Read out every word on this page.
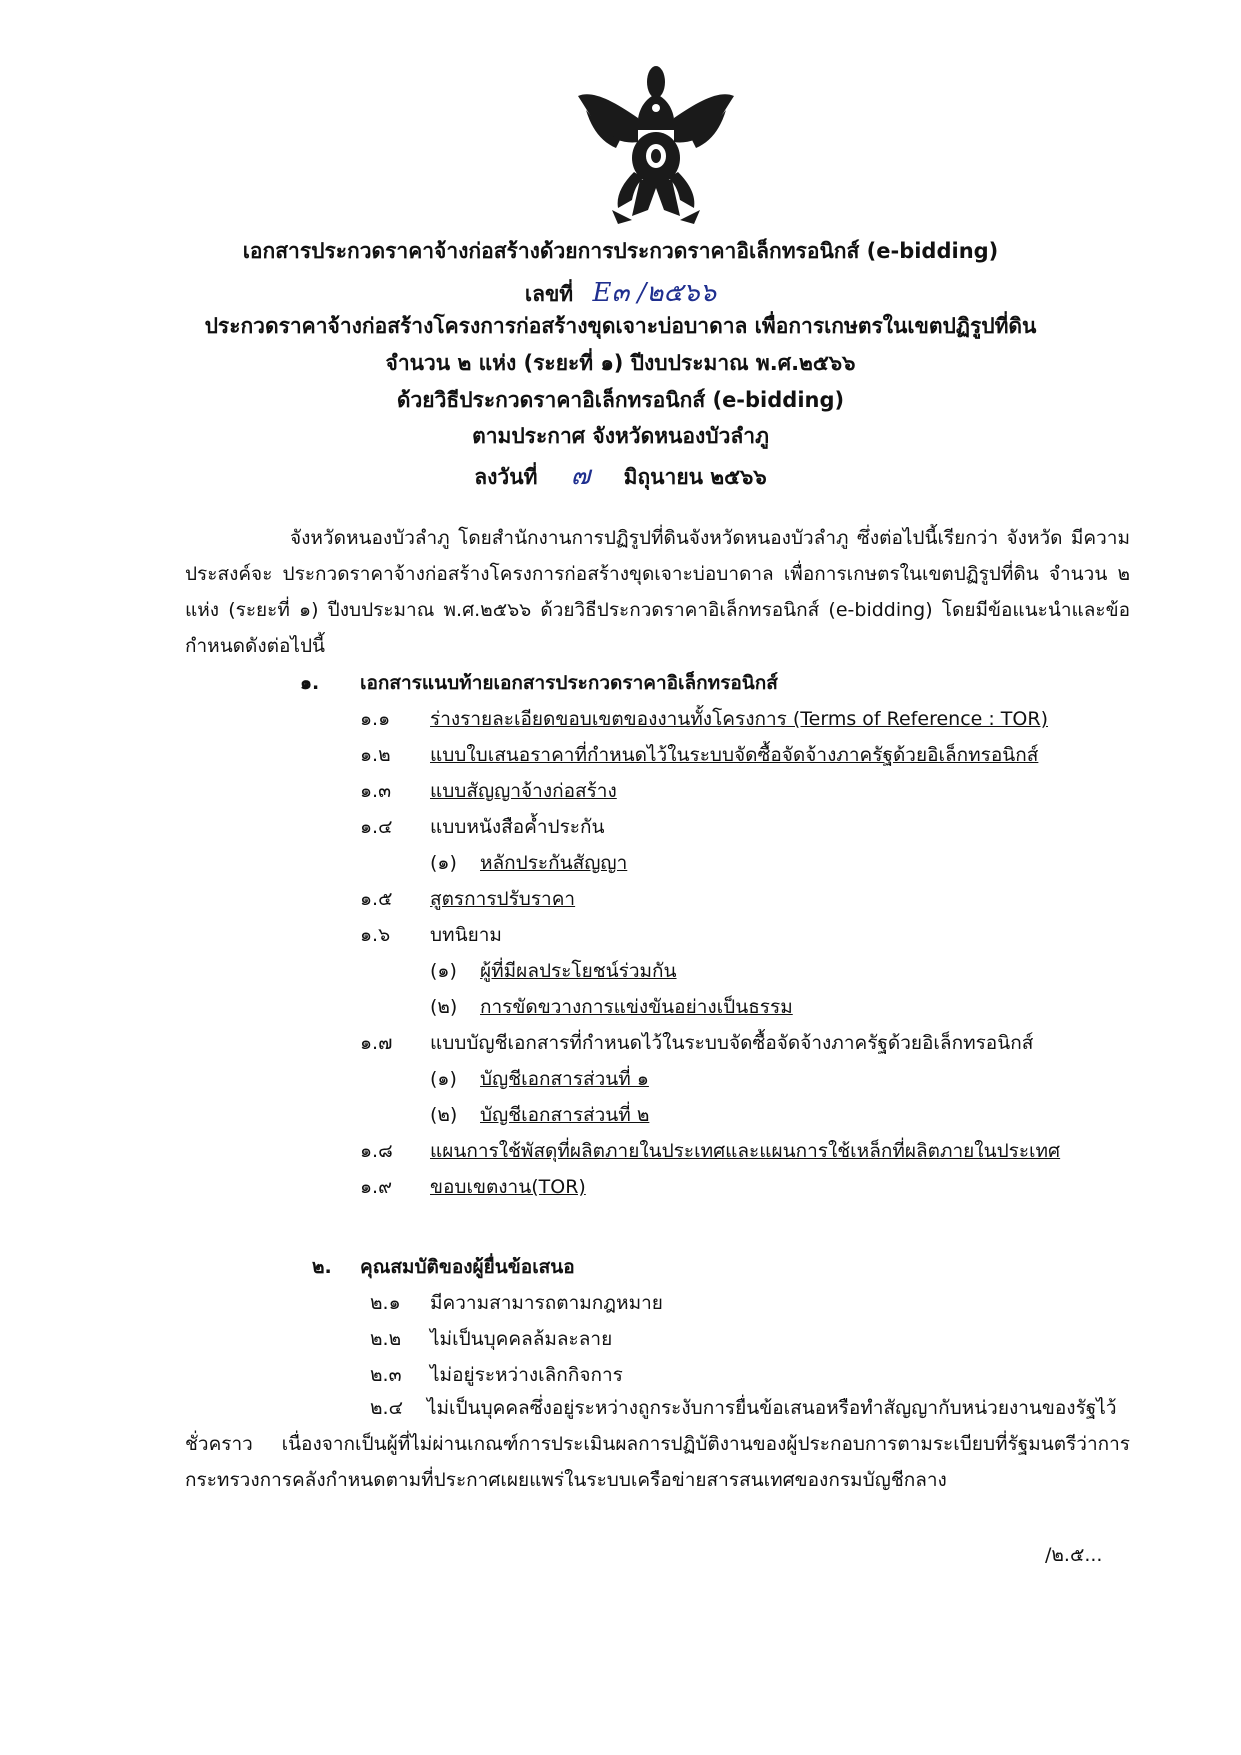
เอกสารประกวดราคาจ้างก่อสร้างด้วยการประกวดราคาอิเล็กทรอนิกส์ (e-bidding)
เลขที่ E๓ /๒๕๖๖
ประกวดราคาจ้างก่อสร้างโครงการก่อสร้างขุดเจาะบ่อบาดาล เพื่อการเกษตรในเขตปฏิรูปที่ดิน
จำนวน ๒ แห่ง (ระยะที่ ๑) ปีงบประมาณ พ.ศ.๒๕๖๖
ด้วยวิธีประกวดราคาอิเล็กทรอนิกส์ (e-bidding)
ตามประกาศ จังหวัดหนองบัวลำภู
ลงวันที่ ๗ มิถุนายน ๒๕๖๖
จังหวัดหนองบัวลำภู โดยสำนักงานการปฏิรูปที่ดินจังหวัดหนองบัวลำภู ซึ่งต่อไปนี้เรียกว่า จังหวัด มีความประสงค์จะ ประกวดราคาจ้างก่อสร้างโครงการก่อสร้างขุดเจาะบ่อบาดาล เพื่อการเกษตรในเขตปฏิรูปที่ดิน จำนวน ๒ แห่ง (ระยะที่ ๑) ปีงบประมาณ พ.ศ.๒๕๖๖ ด้วยวิธีประกวดราคาอิเล็กทรอนิกส์ (e-bidding) โดยมีข้อแนะนำและข้อกำหนดดังต่อไปนี้
๑. เอกสารแนบท้ายเอกสารประกวดราคาอิเล็กทรอนิกส์
๑.๑ ร่างรายละเอียดขอบเขตของงานทั้งโครงการ (Terms of Reference : TOR)
๑.๒ แบบใบเสนอราคาที่กำหนดไว้ในระบบจัดซื้อจัดจ้างภาครัฐด้วยอิเล็กทรอนิกส์
๑.๓ แบบสัญญาจ้างก่อสร้าง
๑.๔ แบบหนังสือค้ำประกัน
(๑) หลักประกันสัญญา
๑.๕ สูตรการปรับราคา
๑.๖ บทนิยาม
(๑) ผู้ที่มีผลประโยชน์ร่วมกัน
(๒) การขัดขวางการแข่งขันอย่างเป็นธรรม
๑.๗ แบบบัญชีเอกสารที่กำหนดไว้ในระบบจัดซื้อจัดจ้างภาครัฐด้วยอิเล็กทรอนิกส์
(๑) บัญชีเอกสารส่วนที่ ๑
(๒) บัญชีเอกสารส่วนที่ ๒
๑.๘ แผนการใช้พัสดุที่ผลิตภายในประเทศและแผนการใช้เหล็กที่ผลิตภายในประเทศ
๑.๙ ขอบเขตงาน(TOR)
๒. คุณสมบัติของผู้ยื่นข้อเสนอ
๒.๑ มีความสามารถตามกฎหมาย
๒.๒ ไม่เป็นบุคคลล้มละลาย
๒.๓ ไม่อยู่ระหว่างเลิกกิจการ
๒.๔ ไม่เป็นบุคคลซึ่งอยู่ระหว่างถูกระงับการยื่นข้อเสนอหรือทำสัญญากับหน่วยงานของรัฐไว้ชั่วคราว เนื่องจากเป็นผู้ที่ไม่ผ่านเกณฑ์การประเมินผลการปฏิบัติงานของผู้ประกอบการตามระเบียบที่รัฐมนตรีว่าการกระทรวงการคลังกำหนดตามที่ประกาศเผยแพร่ในระบบเครือข่ายสารสนเทศของกรมบัญชีกลาง
/๒.๕...
